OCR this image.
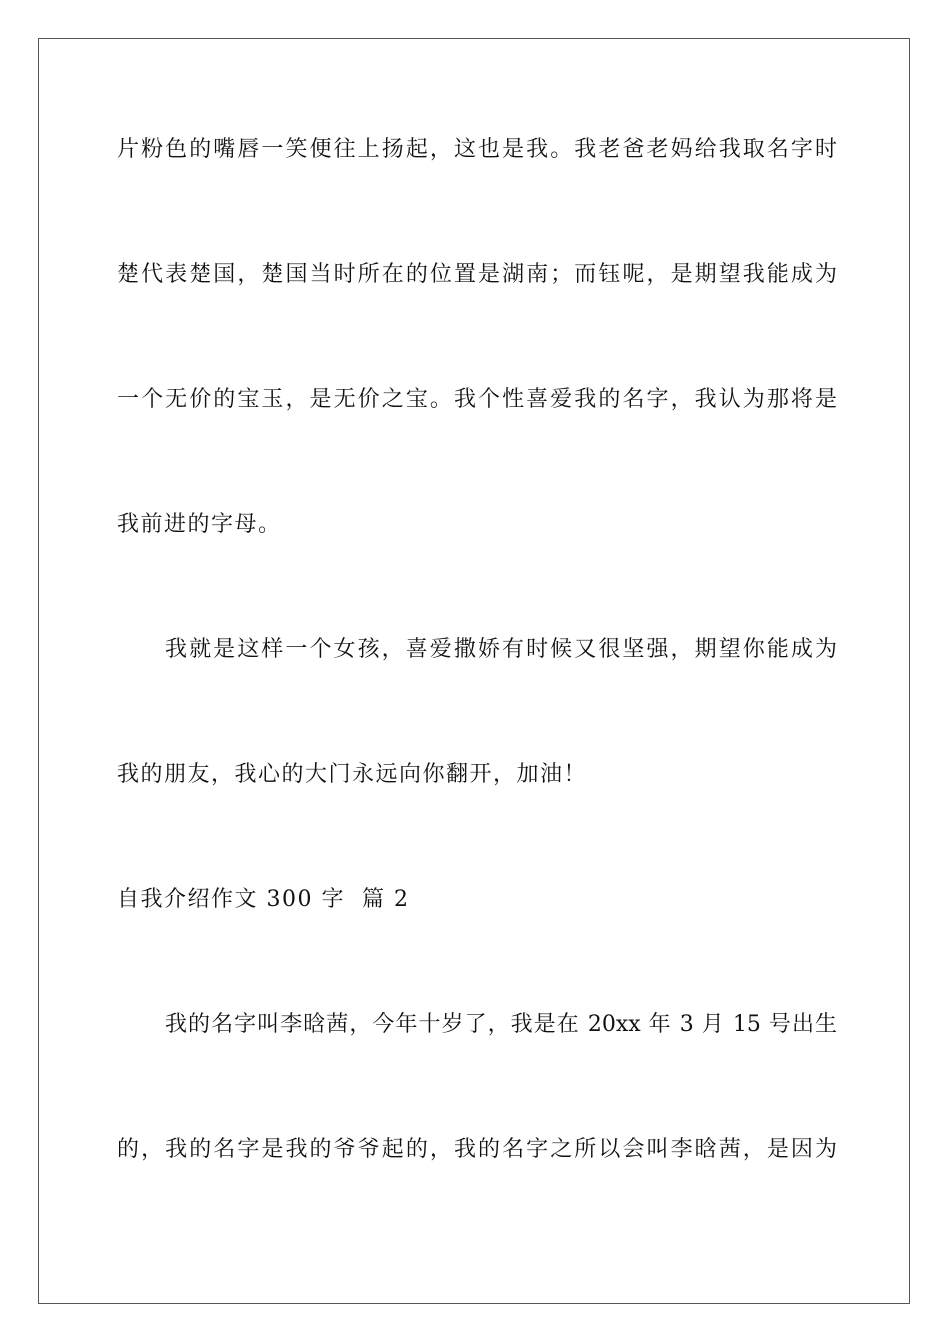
片粉色的嘴唇一笑便往上扬起，这也是我。我老爸老妈给我取名字时
楚代表楚国，楚国当时所在的位置是湖南；而钰呢，是期望我能成为
一个无价的宝玉，是无价之宝。我个性喜爱我的名字，我认为那将是
我前进的字母。
我就是这样一个女孩，喜爱撒娇有时候又很坚强，期望你能成为
我的朋友，我心的大门永远向你翻开，加油！
自我介绍作文 300 字  篇 2
我的名字叫李晗茜，今年十岁了，我是在 20xx 年 3 月 15 号出生
的，我的名字是我的爷爷起的，我的名字之所以会叫李晗茜，是因为
